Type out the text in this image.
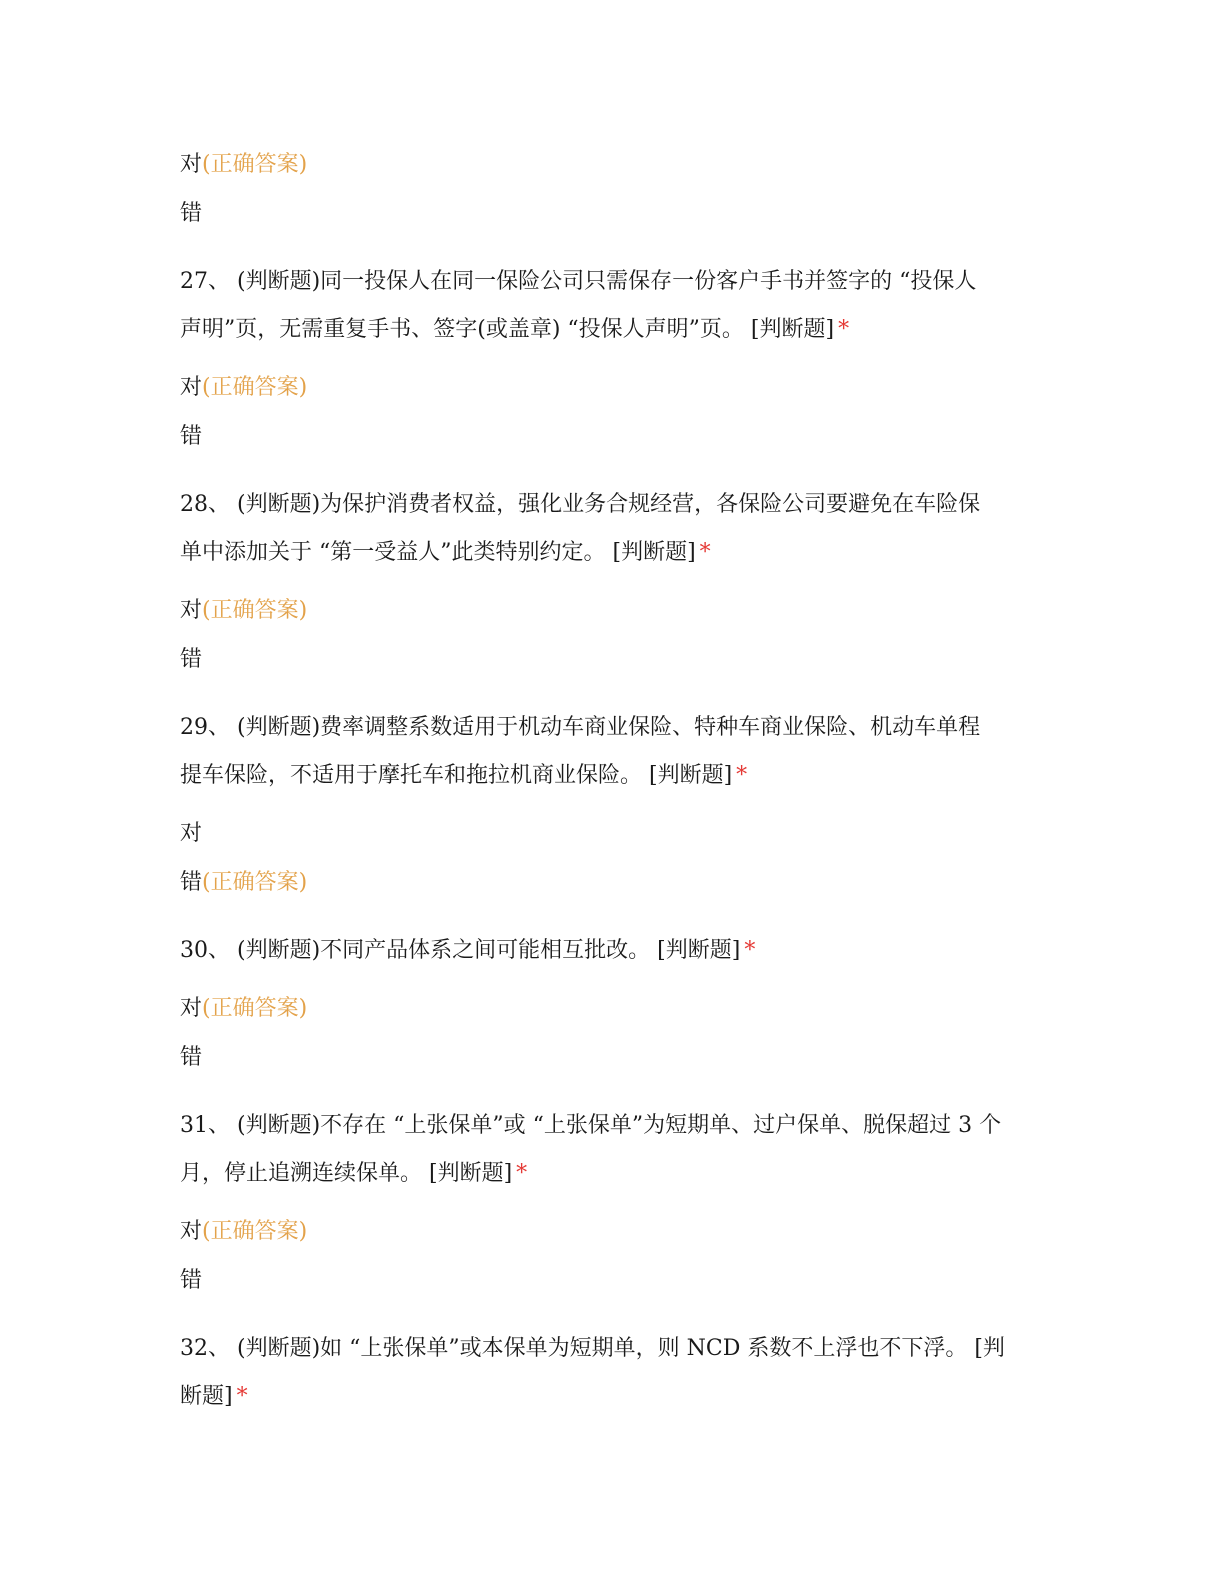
对(正确答案)
错
27、 (判断题)同一投保人在同一保险公司只需保存一份客户手书并签字的 “投保人
声明”页，无需重复手书、签字(或盖章) “投保人声明”页。 [判断题] *
对(正确答案)
错
28、 (判断题)为保护消费者权益，强化业务合规经营，各保险公司要避免在车险保
单中添加关于 “第一受益人”此类特别约定。 [判断题] *
对(正确答案)
错
29、 (判断题)费率调整系数适用于机动车商业保险、特种车商业保险、机动车单程
提车保险，不适用于摩托车和拖拉机商业保险。 [判断题] *
对
错(正确答案)
30、 (判断题)不同产品体系之间可能相互批改。 [判断题] *
对(正确答案)
错
31、 (判断题)不存在 “上张保单”或 “上张保单”为短期单、过户保单、脱保超过 3 个
月，停止追溯连续保单。 [判断题] *
对(正确答案)
错
32、 (判断题)如 “上张保单”或本保单为短期单，则 NCD 系数不上浮也不下浮。 [判
断题] *
